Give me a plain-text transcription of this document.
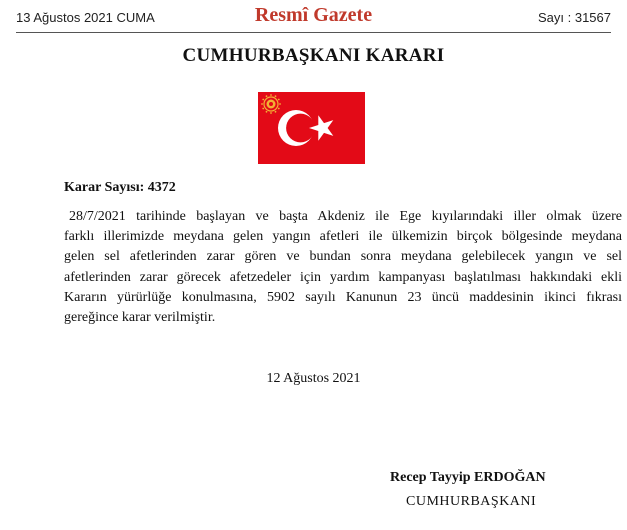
13 Ağustos 2021 CUMA	Resmî Gazete	Sayı : 31567
CUMHURBAŞKANI KARARI
Karar Sayısı: 4372
28/7/2021 tarihinde başlayan ve başta Akdeniz ile Ege kıyılarındaki iller olmak üzere
farklı illerimizde meydana gelen yangın afetleri ile ülkemizin birçok bölgesinde meydana
gelen sel afetlerinden zarar gören ve bundan sonra meydana gelebilecek yangın ve sel
afetlerinden zarar görecek afetzedeler için yardım kampanyası başlatılması hakkındaki ekli
Kararın yürürlüğe konulmasına, 5902 sayılı Kanunun 23 üncü maddesinin ikinci fıkrası
gereğince karar verilmiştir.
12 Ağustos 2021
Recep Tayyip ERDOĞAN
CUMHURBAŞKANI
